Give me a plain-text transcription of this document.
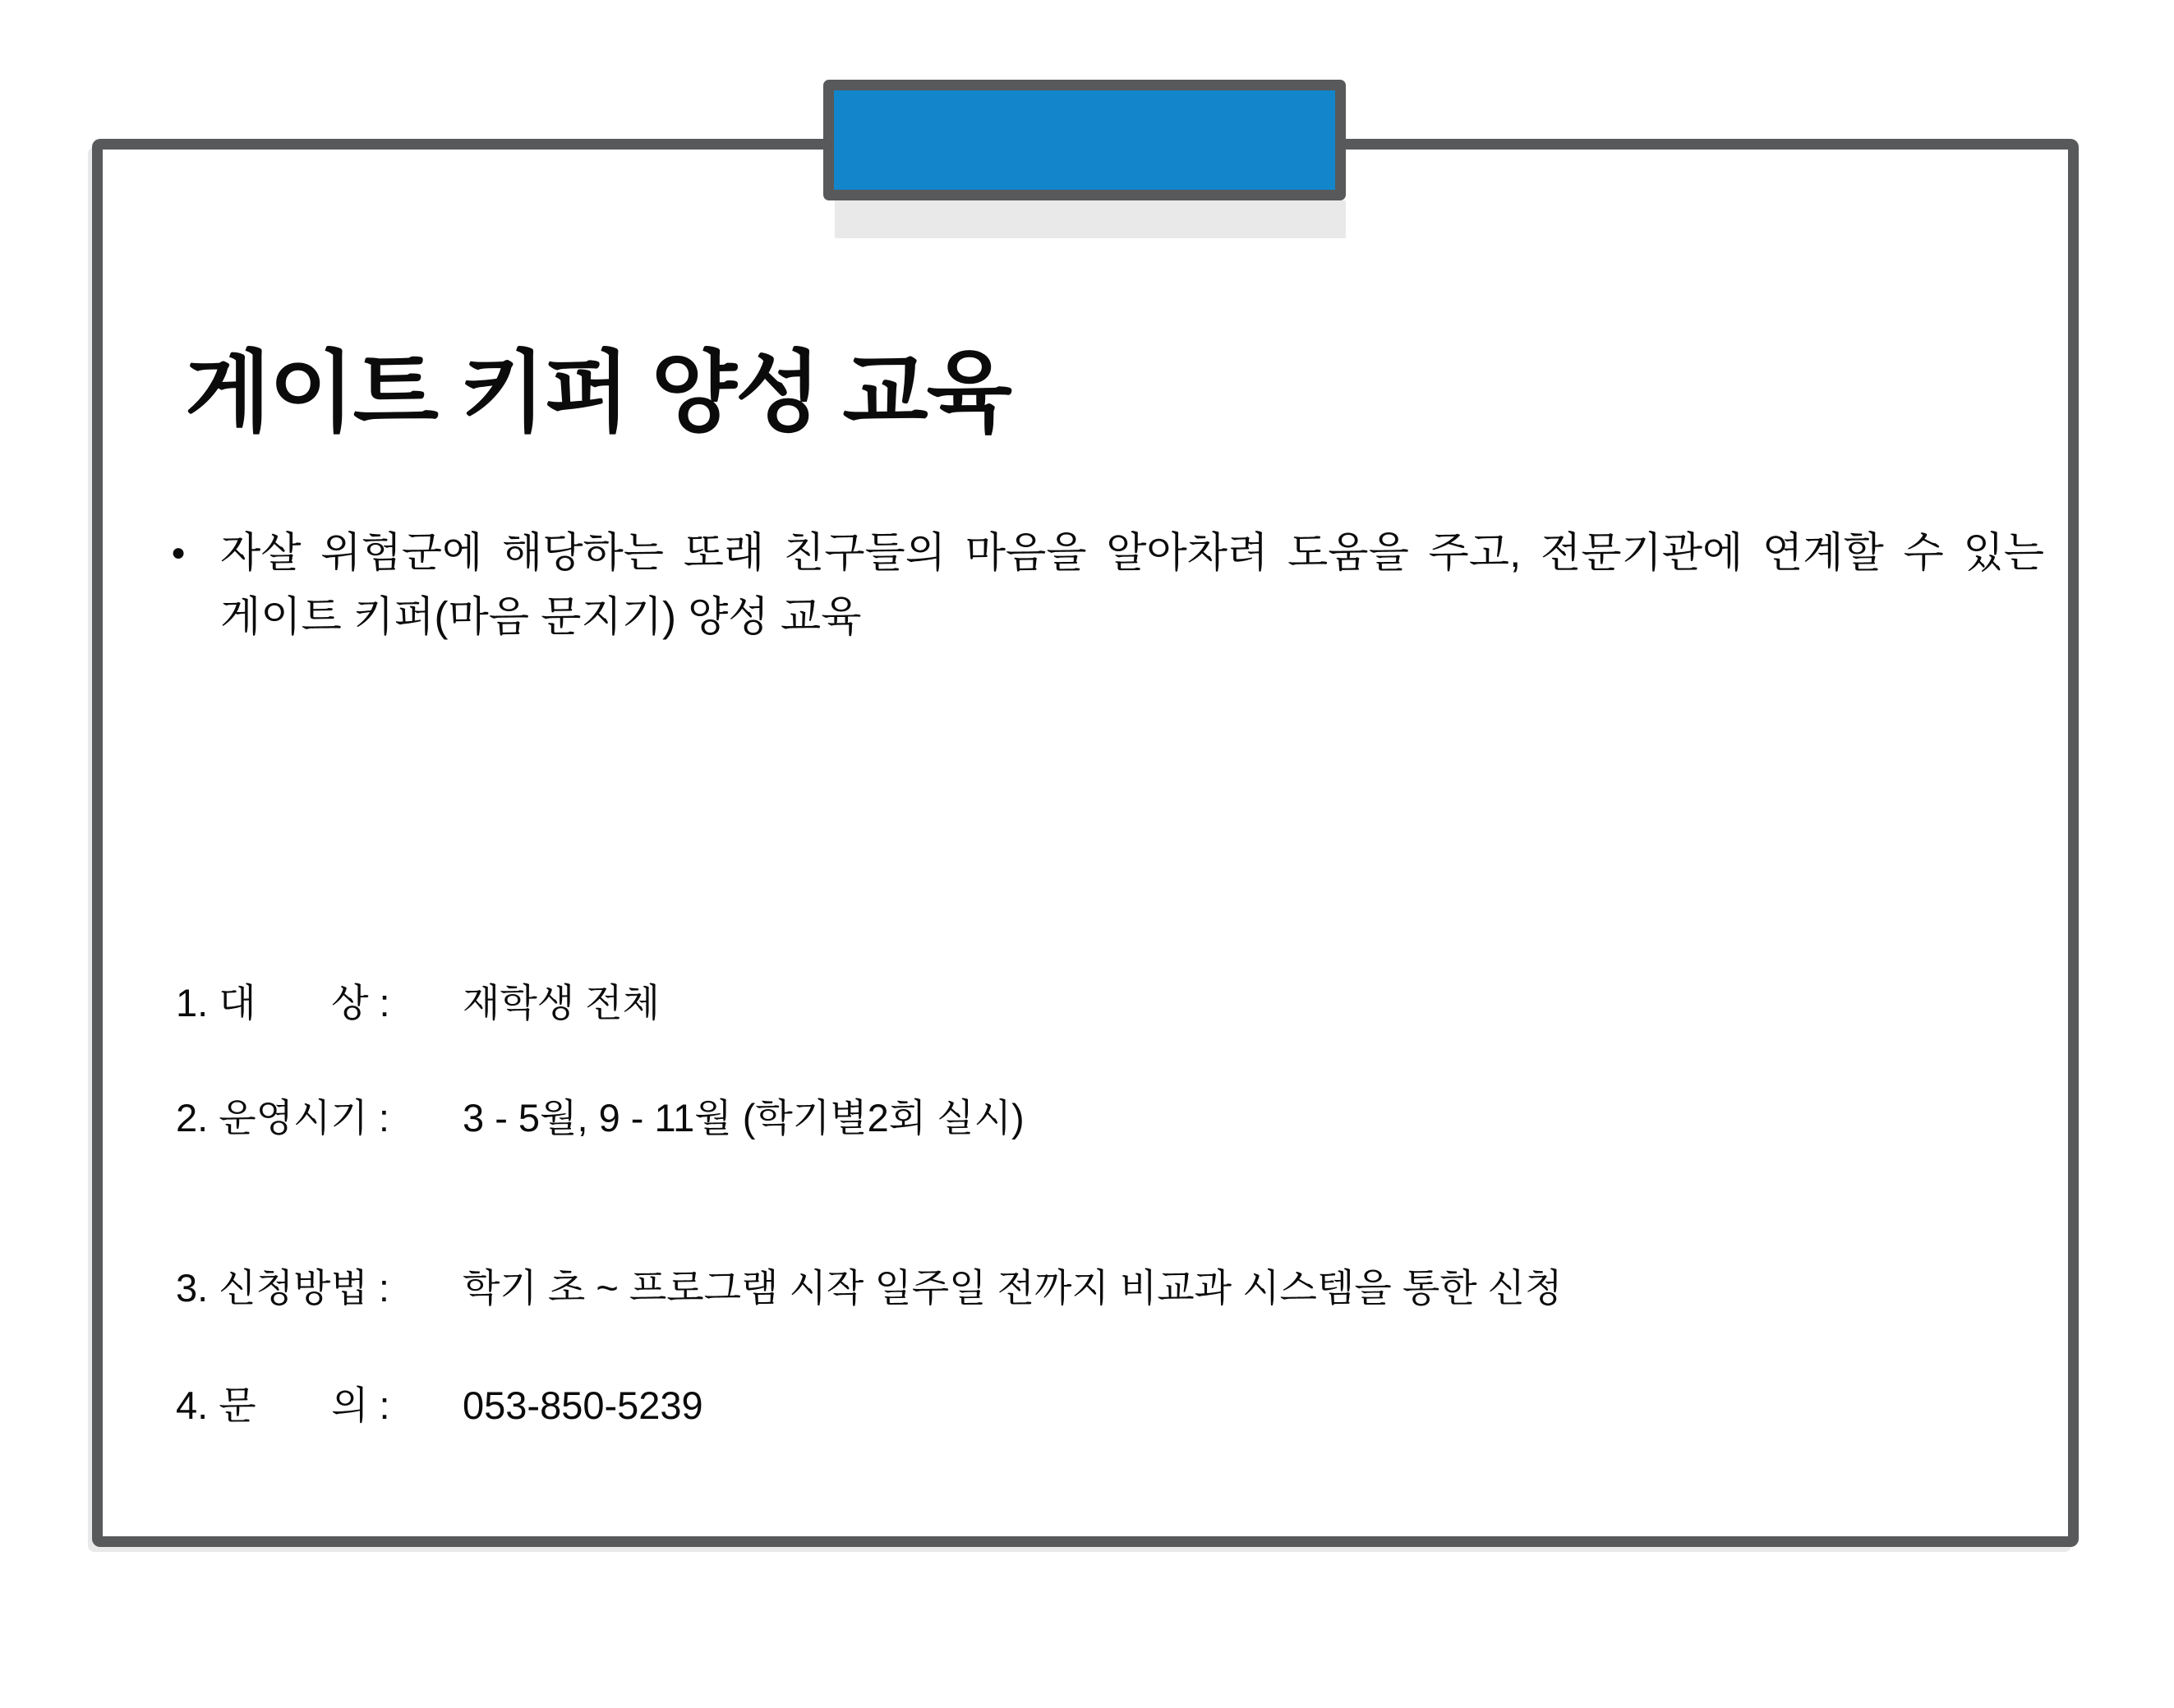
게이트 키퍼 양성 교육
● 자살 위험군에 해당하는 또래 친구들의 마음을 알아차려 도움을 주고, 전문기관에 연계할 수 있는
게이트 키퍼(마음 문지기) 양성 교육
1. 대       상 :	재학생 전체
2. 운영시기 :	3 - 5월, 9 - 11월 (학기별2회 실시)
3. 신청방법 :	학기 초 ~ 프로그램 시작 일주일 전까지 비교과 시스템을 통한 신청
4. 문       의 :	053-850-5239
